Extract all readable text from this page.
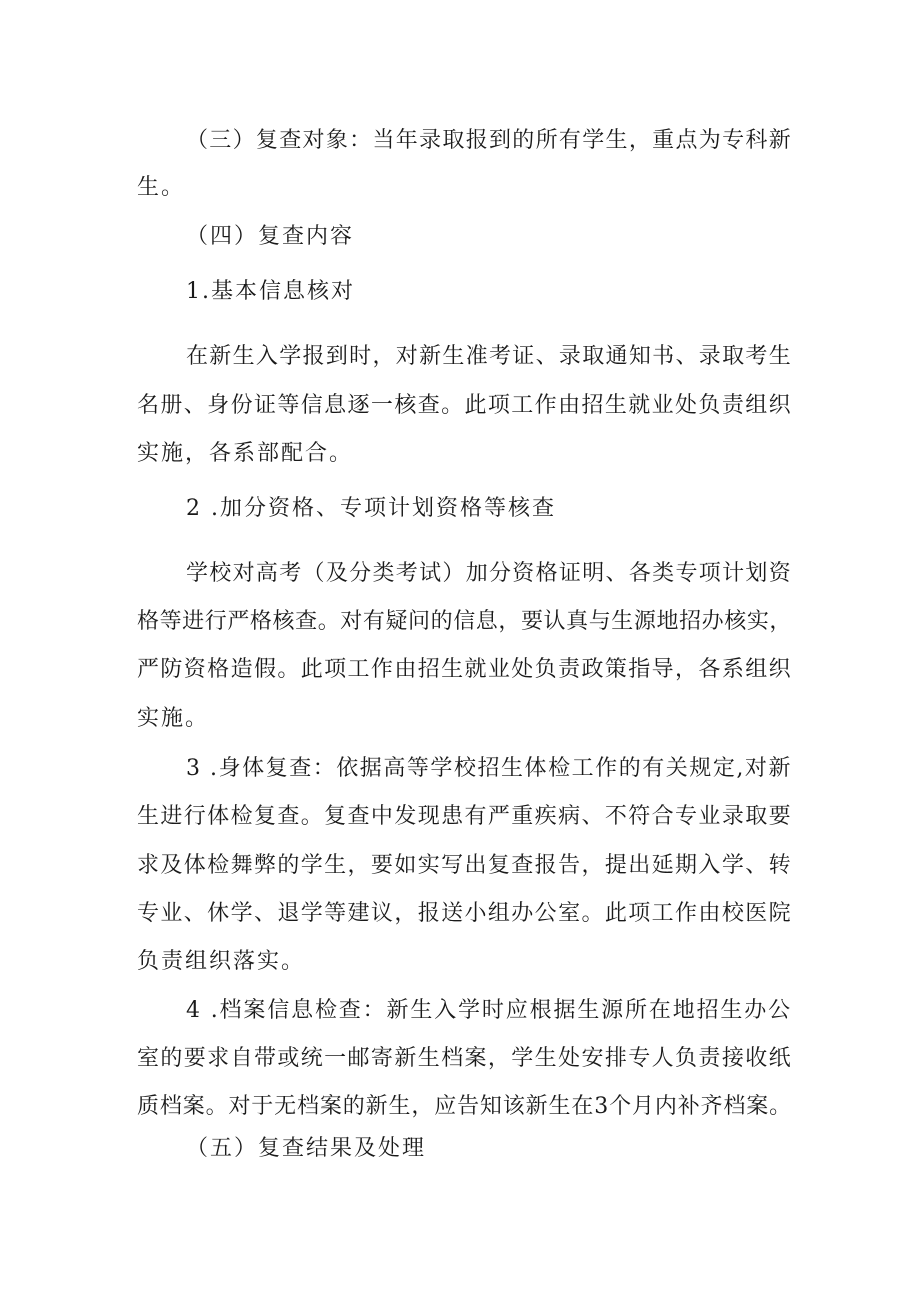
（三）复查对象：当年录取报到的所有学生，重点为专科新
生。
（四）复查内容
1.基本信息核对
在新生入学报到时，对新生准考证、录取通知书、录取考生
名册、身份证等信息逐一核查。此项工作由招生就业处负责组织
实施，各系部配合。
2 .加分资格、专项计划资格等核查
学校对高考（及分类考试）加分资格证明、各类专项计划资
格等进行严格核查。对有疑问的信息，要认真与生源地招办核实，
严防资格造假。此项工作由招生就业处负责政策指导，各系组织
实施。
3 .身体复查：依据高等学校招生体检工作的有关规定,对新
生进行体检复查。复查中发现患有严重疾病、不符合专业录取要
求及体检舞弊的学生，要如实写出复查报告，提出延期入学、转
专业、休学、退学等建议，报送小组办公室。此项工作由校医院
负责组织落实。
4 .档案信息检查：新生入学时应根据生源所在地招生办公
室的要求自带或统一邮寄新生档案，学生处安排专人负责接收纸
质档案。对于无档案的新生，应告知该新生在3个月内补齐档案。
（五）复查结果及处理
